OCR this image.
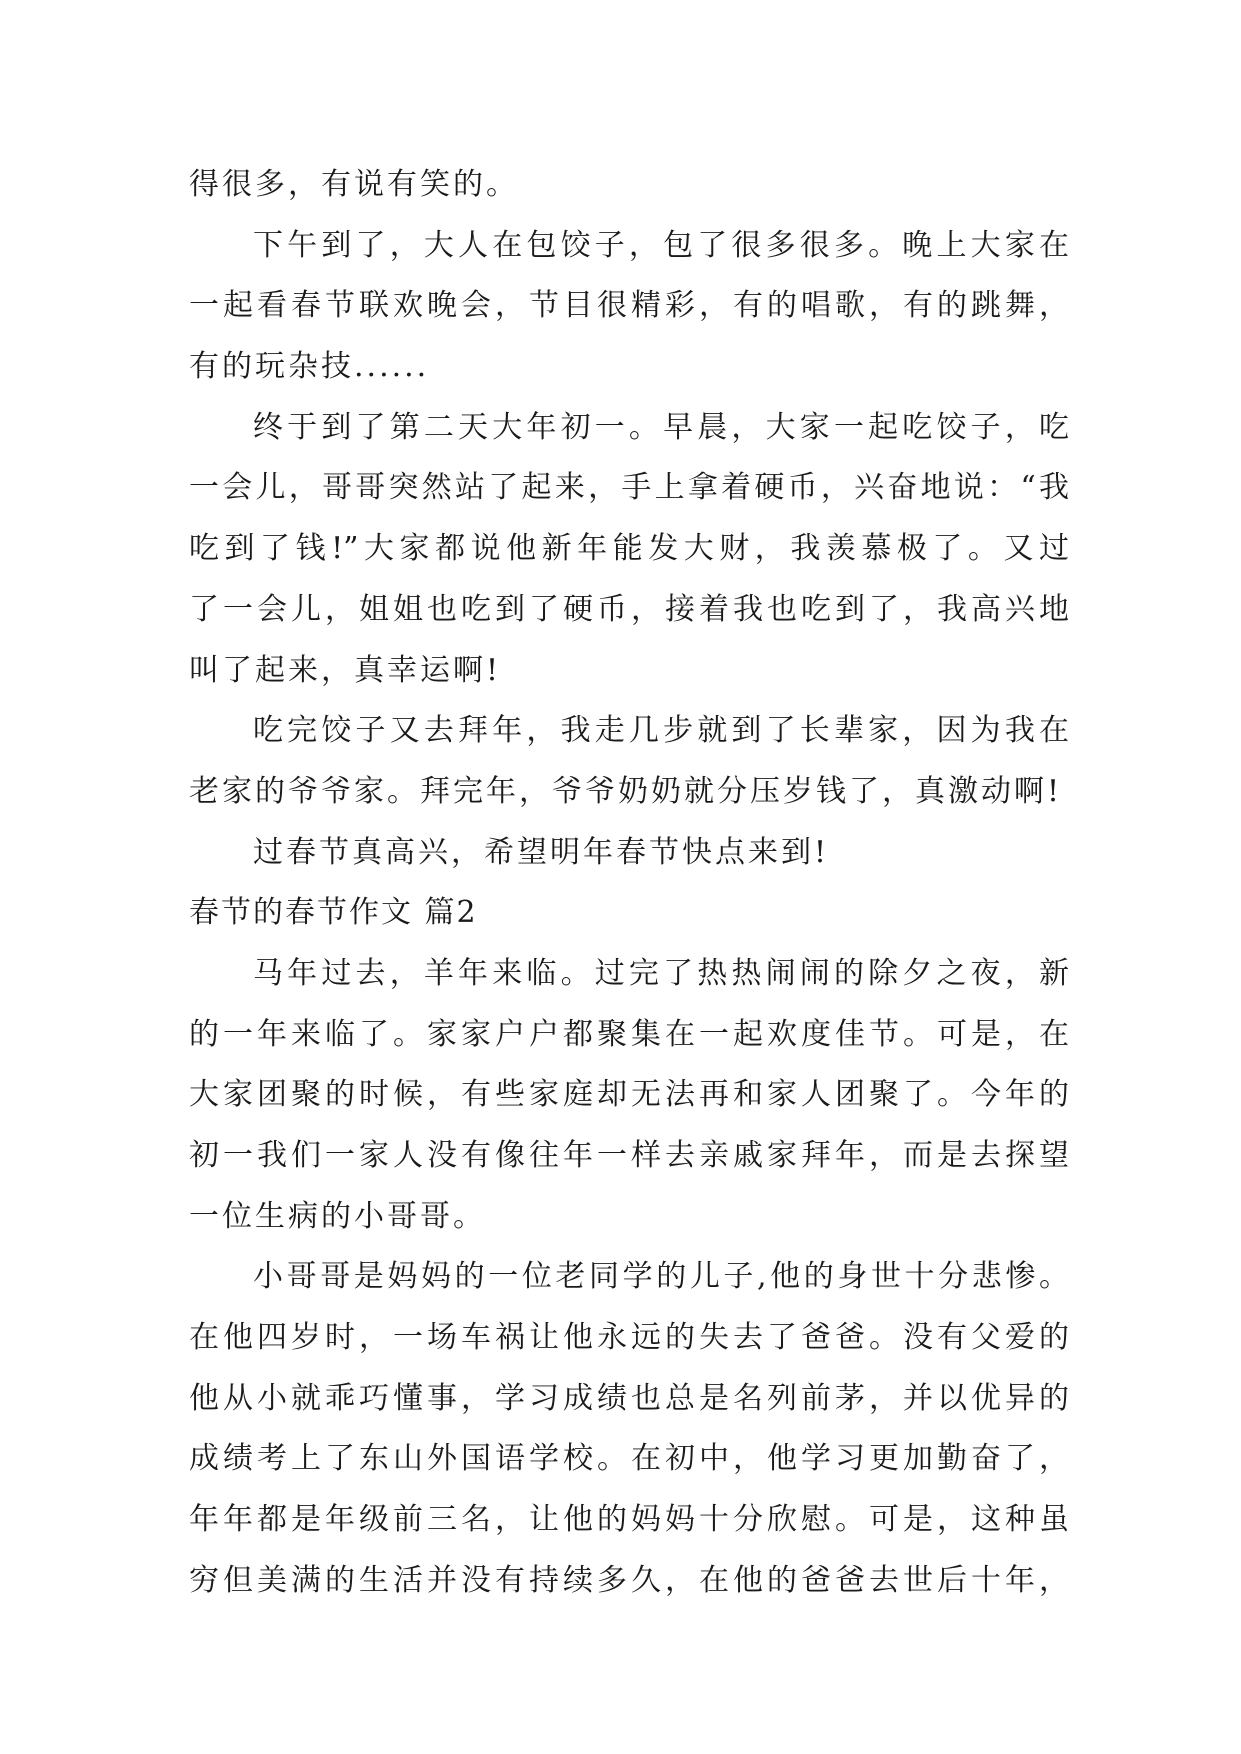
得很多，有说有笑的。
下午到了，大人在包饺子，包了很多很多。晚上大家在
一起看春节联欢晚会，节目很精彩，有的唱歌，有的跳舞，
有的玩杂技......
终于到了第二天大年初一。早晨，大家一起吃饺子，吃
一会儿，哥哥突然站了起来，手上拿着硬币，兴奋地说：“我
吃到了钱!”大家都说他新年能发大财，我羡慕极了。又过
了一会儿，姐姐也吃到了硬币，接着我也吃到了，我高兴地
叫了起来，真幸运啊!
吃完饺子又去拜年，我走几步就到了长辈家，因为我在
老家的爷爷家。拜完年，爷爷奶奶就分压岁钱了，真激动啊!
过春节真高兴，希望明年春节快点来到!
春节的春节作文 篇2
马年过去，羊年来临。过完了热热闹闹的除夕之夜，新
的一年来临了。家家户户都聚集在一起欢度佳节。可是，在
大家团聚的时候，有些家庭却无法再和家人团聚了。今年的
初一我们一家人没有像往年一样去亲戚家拜年，而是去探望
一位生病的小哥哥。
小哥哥是妈妈的一位老同学的儿子,他的身世十分悲惨。
在他四岁时，一场车祸让他永远的失去了爸爸。没有父爱的
他从小就乖巧懂事，学习成绩也总是名列前茅，并以优异的
成绩考上了东山外国语学校。在初中，他学习更加勤奋了，
年年都是年级前三名，让他的妈妈十分欣慰。可是，这种虽
穷但美满的生活并没有持续多久，在他的爸爸去世后十年，
